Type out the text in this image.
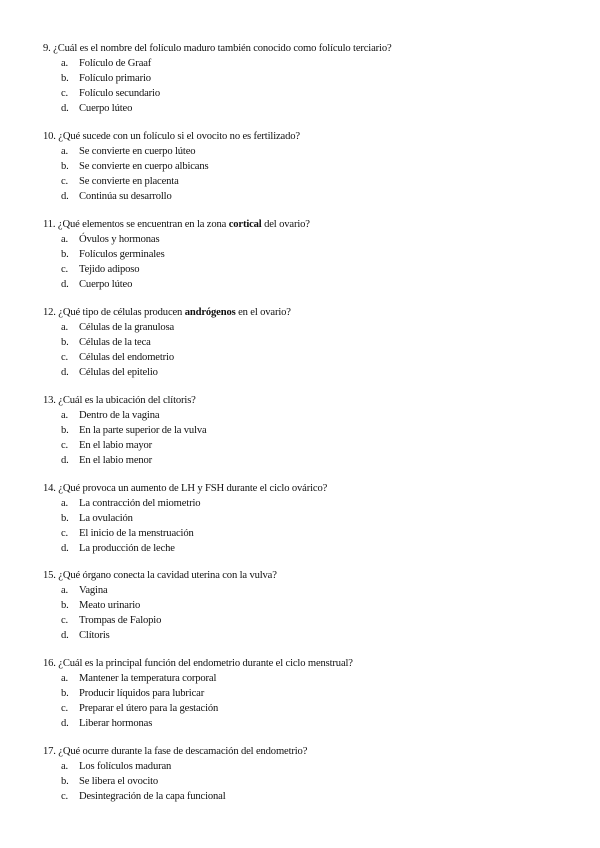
9. ¿Cuál es el nombre del folículo maduro también conocido como folículo terciario?
a. Folículo de Graaf
b. Folículo primario
c. Folículo secundario
d. Cuerpo lúteo
10. ¿Qué sucede con un folículo si el ovocito no es fertilizado?
a. Se convierte en cuerpo lúteo
b. Se convierte en cuerpo albicans
c. Se convierte en placenta
d. Continúa su desarrollo
11. ¿Qué elementos se encuentran en la zona cortical del ovario?
a. Óvulos y hormonas
b. Folículos germinales
c. Tejido adiposo
d. Cuerpo lúteo
12. ¿Qué tipo de células producen andrógenos en el ovario?
a. Células de la granulosa
b. Células de la teca
c. Células del endometrio
d. Células del epitelio
13. ¿Cuál es la ubicación del clítoris?
a. Dentro de la vagina
b. En la parte superior de la vulva
c. En el labio mayor
d. En el labio menor
14. ¿Qué provoca un aumento de LH y FSH durante el ciclo ovárico?
a. La contracción del miometrio
b. La ovulación
c. El inicio de la menstruación
d. La producción de leche
15. ¿Qué órgano conecta la cavidad uterina con la vulva?
a. Vagina
b. Meato urinario
c. Trompas de Falopio
d. Clítoris
16. ¿Cuál es la principal función del endometrio durante el ciclo menstrual?
a. Mantener la temperatura corporal
b. Producir líquidos para lubricar
c. Preparar el útero para la gestación
d. Liberar hormonas
17. ¿Qué ocurre durante la fase de descamación del endometrio?
a. Los folículos maduran
b. Se libera el ovocito
c. Desintegración de la capa funcional
